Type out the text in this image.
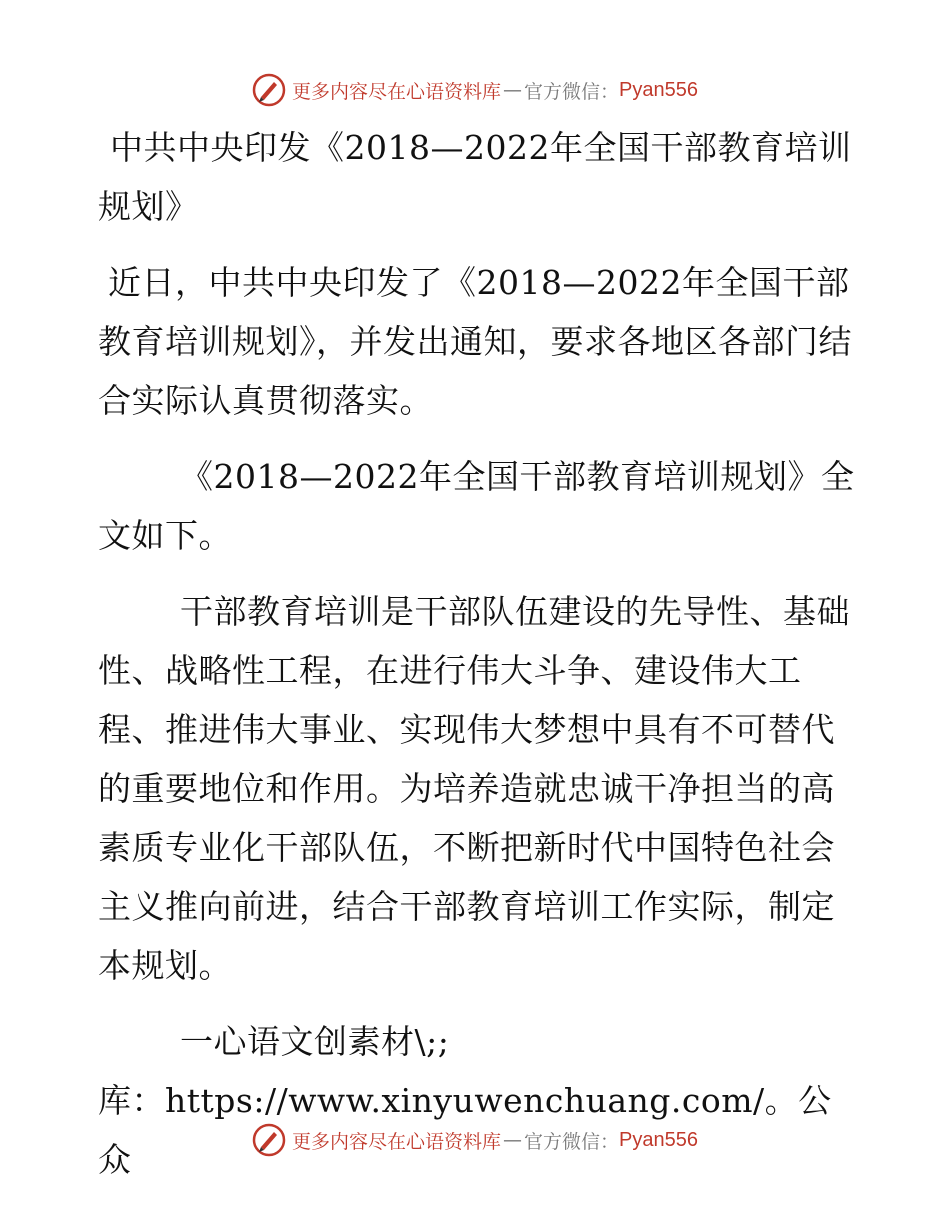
更多内容尽在心语资料库 — 官方微信： Pyan556

中共中央印发《2018—2022年全国干部教育培训规划》

近日，中共中央印发了《2018—2022年全国干部教育培训规划》，并发出通知，要求各地区各部门结合实际认真贯彻落实。

《2018—2022年全国干部教育培训规划》全文如下。

干部教育培训是干部队伍建设的先导性、基础性、战略性工程，在进行伟大斗争、建设伟大工程、推进伟大事业、实现伟大梦想中具有不可替代的重要地位和作用。为培养造就忠诚干净担当的高素质专业化干部队伍，不断把新时代中国特色社会主义推向前进，结合干部教育培训工作实际，制定本规划。

一心语文创素材\;;

库：https://www.xinyuwenchuang.com/。公众	更多内容尽在心语资料库 — 官方微信： Pyan556
